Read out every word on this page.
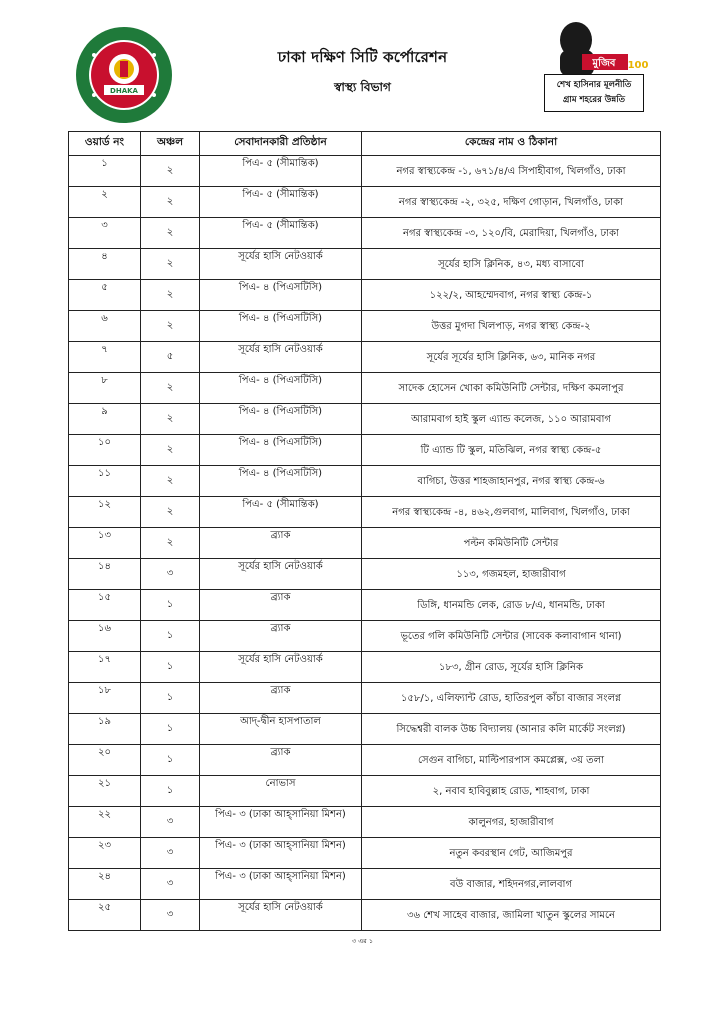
DHAKA
ঢাকা দক্ষিণ সিটি কর্পোরেশন
স্বাস্থ্য বিভাগ
মুজিব 100
শেখ হাসিনার মূলনীতি
গ্রাম শহরের উন্নতি
ওয়ার্ড নং	অঞ্চল	সেবাদানকারী প্রতিষ্ঠান	কেন্দ্রের নাম ও ঠিকানা
১	২	পিএ- ৫ (সীমান্তিক)	নগর স্বাস্থ্যকেন্দ্র -১, ৬৭১/৪/এ সিপাহীবাগ, খিলগাঁও, ঢাকা
২	২	পিএ- ৫ (সীমান্তিক)	নগর স্বাস্থ্যকেন্দ্র -২, ৩২৫, দক্ষিণ গোড়ান, খিলগাঁও, ঢাকা
৩	২	পিএ- ৫ (সীমান্তিক)	নগর স্বাস্থ্যকেন্দ্র -৩, ১২০/বি, মেরাদিয়া, খিলগাঁও, ঢাকা
৪	২	সূর্যের হাসি নেটওয়ার্ক	সূর্যের হাসি ক্লিনিক, ৪৩, মধ্য বাসাবো
৫	২	পিএ- ৪ (পিএসটিসি)	১২২/২, আহম্মেদবাগ, নগর স্বাস্থ্য কেন্দ্র-১
৬	২	পিএ- ৪ (পিএসটিসি)	উত্তর মুগদা খিলপাড়, নগর স্বাস্থ্য কেন্দ্র-২
৭	৫	সূর্যের হাসি নেটওয়ার্ক	সূর্যের সূর্যের হাসি ক্লিনিক, ৬৩, মানিক নগর
৮	২	পিএ- ৪ (পিএসটিসি)	সাদেক হোসেন খোকা কমিউনিটি সেন্টার, দক্ষিণ কমলাপুর
৯	২	পিএ- ৪ (পিএসটিসি)	আরামবাগ হাই স্কুল এ্যান্ড কলেজ, ১১০ আরামবাগ
১০	২	পিএ- ৪ (পিএসটিসি)	টি এ্যান্ড টি স্কুল, মতিঝিল, নগর স্বাস্থ্য কেন্দ্র-৫
১১	২	পিএ- ৪ (পিএসটিসি)	বাগিচা, উত্তর শাহজাহানপুর, নগর স্বাস্থ্য কেন্দ্র-৬
১২	২	পিএ- ৫ (সীমান্তিক)	নগর স্বাস্থ্যকেন্দ্র -৪, ৪৬২,গুলবাগ, মালিবাগ, খিলগাঁও, ঢাকা
১৩	২	ব্র্যাক	পল্টন কমিউনিটি সেন্টার
১৪	৩	সূর্যের হাসি নেটওয়ার্ক	১১৩, গজমহল, হাজারীবাগ
১৫	১	ব্র্যাক	ডিঙ্গি, ধানমন্ডি লেক, রোড ৮/এ, ধানমন্ডি, ঢাকা
১৬	১	ব্র্যাক	ভূতের গলি কমিউনিটি সেন্টার (সাবেক কলাবাগান থানা)
১৭	১	সূর্যের হাসি নেটওয়ার্ক	১৮৩, গ্রীন রোড, সূর্যের হাসি ক্লিনিক
১৮	১	ব্র্যাক	১৫৮/১, এলিফ্যান্ট রোড, হাতিরপুল কাঁচা বাজার সংলগ্ন
১৯	১	আদ্-দ্বীন হাসপাতাল	সিদ্ধেশ্বরী বালক উচ্চ বিদ্যালয় (আনার কলি মার্কেট সংলগ্ন)
২০	১	ব্র্যাক	সেগুন বাগিচা, মাল্টিপারপাস কমপ্লেক্স, ৩য় তলা
২১	১	নোভাস	২, নবাব হাবিবুল্লাহ রোড, শাহবাগ, ঢাকা
২২	৩	পিএ- ৩ (ঢাকা আহ্‌সানিয়া মিশন)	কালুনগর, হাজারীবাগ
২৩	৩	পিএ- ৩ (ঢাকা আহ্‌সানিয়া মিশন)	নতুন কবরস্থান গেট, আজিমপুর
২৪	৩	পিএ- ৩ (ঢাকা আহ্‌সানিয়া মিশন)	বউ বাজার, শহিদনগর,লালবাগ
২৫	৩	সূর্যের হাসি নেটওয়ার্ক	৩৬ শেখ সাহেব বাজার, জামিলা খাতুন স্কুলের সামনে
৩ এর ১
